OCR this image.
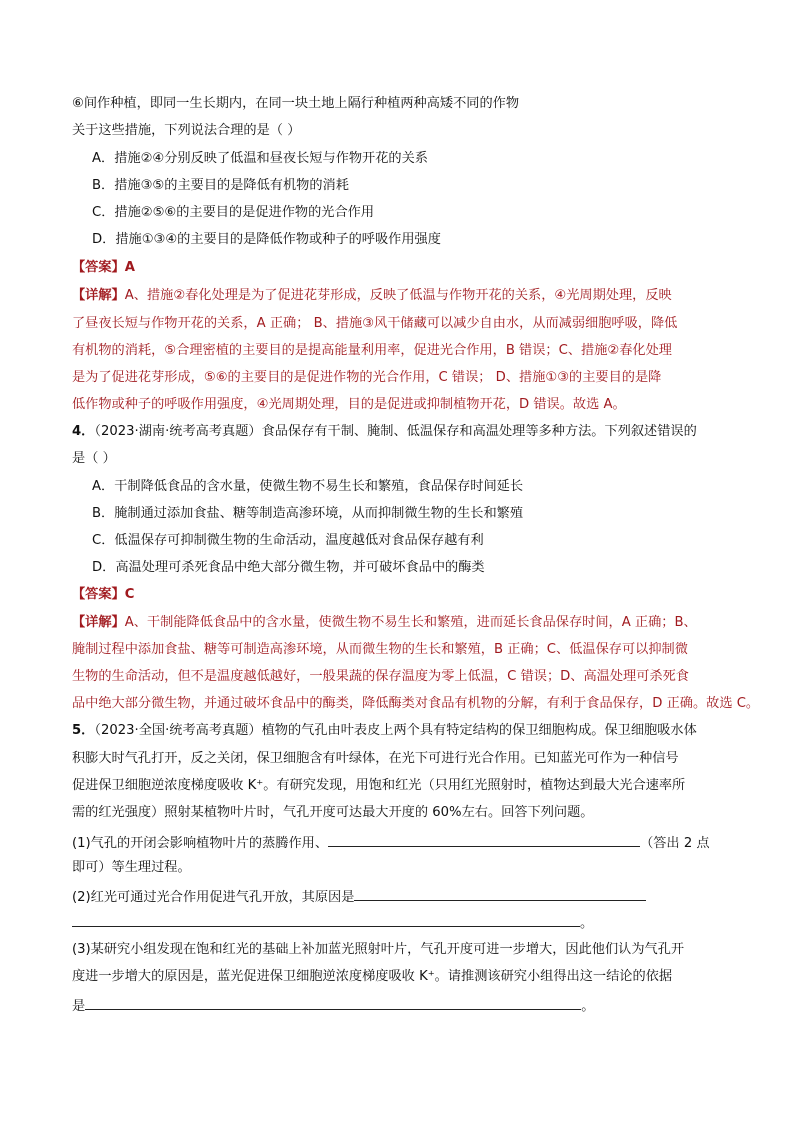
⑥间作种植，即同一生长期内，在同一块土地上隔行种植两种高矮不同的作物
关于这些措施，下列说法合理的是（ ）
A．措施②④分别反映了低温和昼夜长短与作物开花的关系
B．措施③⑤的主要目的是降低有机物的消耗
C．措施②⑤⑥的主要目的是促进作物的光合作用
D．措施①③④的主要目的是降低作物或种子的呼吸作用强度
【答案】A
【详解】A、措施②春化处理是为了促进花芽形成，反映了低温与作物开花的关系，④光周期处理，反映
了昼夜长短与作物开花的关系，A 正确； B、措施③风干储藏可以减少自由水，从而减弱细胞呼吸，降低
有机物的消耗，⑤合理密植的主要目的是提高能量利用率，促进光合作用，B 错误；C、措施②春化处理
是为了促进花芽形成，⑤⑥的主要目的是促进作物的光合作用，C 错误； D、措施①③的主要目的是降
低作物或种子的呼吸作用强度，④光周期处理，目的是促进或抑制植物开花，D 错误。故选 A。
4．（2023·湖南·统考高考真题）食品保存有干制、腌制、低温保存和高温处理等多种方法。下列叙述错误的
是（ ）
A．干制降低食品的含水量，使微生物不易生长和繁殖，食品保存时间延长
B．腌制通过添加食盐、糖等制造高渗环境，从而抑制微生物的生长和繁殖
C．低温保存可抑制微生物的生命活动，温度越低对食品保存越有利
D．高温处理可杀死食品中绝大部分微生物，并可破坏食品中的酶类
【答案】C
【详解】A、干制能降低食品中的含水量，使微生物不易生长和繁殖，进而延长食品保存时间，A 正确；B、
腌制过程中添加食盐、糖等可制造高渗环境，从而微生物的生长和繁殖，B 正确；C、低温保存可以抑制微
生物的生命活动，但不是温度越低越好，一般果蔬的保存温度为零上低温，C 错误；D、高温处理可杀死食
品中绝大部分微生物，并通过破坏食品中的酶类，降低酶类对食品有机物的分解，有利于食品保存，D 正确。故选 C。
5．（2023·全国·统考高考真题）植物的气孔由叶表皮上两个具有特定结构的保卫细胞构成。保卫细胞吸水体
积膨大时气孔打开，反之关闭，保卫细胞含有叶绿体，在光下可进行光合作用。已知蓝光可作为一种信号
促进保卫细胞逆浓度梯度吸收 K⁺。有研究发现，用饱和红光（只用红光照射时，植物达到最大光合速率所
需的红光强度）照射某植物叶片时，气孔开度可达最大开度的 60%左右。回答下列问题。
(1)气孔的开闭会影响植物叶片的蒸腾作用、	（答出 2 点
即可）等生理过程。
(2)红光可通过光合作用促进气孔开放，其原因是
。
(3)某研究小组发现在饱和红光的基础上补加蓝光照射叶片，气孔开度可进一步增大，因此他们认为气孔开
度进一步增大的原因是，蓝光促进保卫细胞逆浓度梯度吸收 K⁺。请推测该研究小组得出这一结论的依据
是	。
